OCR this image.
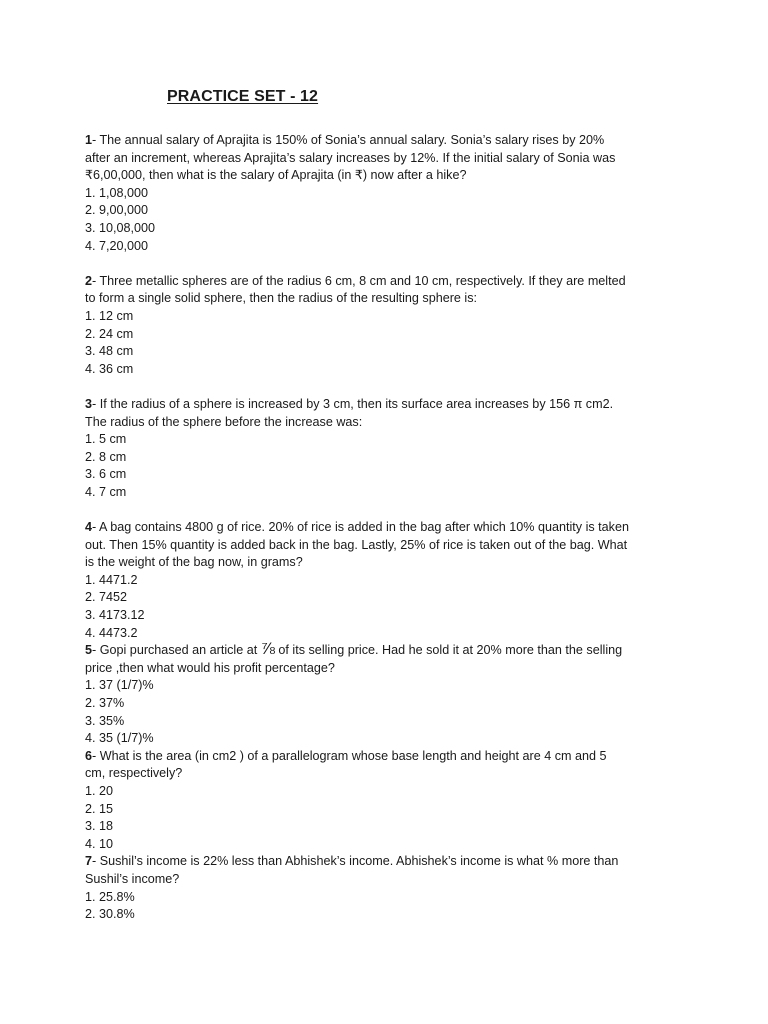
PRACTICE SET - 12
1- The annual salary of Aprajita is 150% of Sonia’s annual salary. Sonia’s salary rises by 20% after an increment, whereas Aprajita’s salary increases by 12%. If the initial salary of Sonia was ₹6,00,000, then what is the salary of Aprajita (in ₹) now after a hike?
1. 1,08,000
2. 9,00,000
3. 10,08,000
4. 7,20,000
2- Three metallic spheres are of the radius 6 cm, 8 cm and 10 cm, respectively. If they are melted to form a single solid sphere, then the radius of the resulting sphere is:
1. 12 cm
2. 24 cm
3. 48 cm
4. 36 cm
3- If the radius of a sphere is increased by 3 cm, then its surface area increases by 156 π cm2. The radius of the sphere before the increase was:
1. 5 cm
2. 8 cm
3. 6 cm
4. 7 cm
4- A bag contains 4800 g of rice. 20% of rice is added in the bag after which 10% quantity is taken out. Then 15% quantity is added back in the bag. Lastly, 25% of rice is taken out of the bag. What is the weight of the bag now, in grams?
1. 4471.2
2. 7452
3. 4173.12
4. 4473.2
5- Gopi purchased an article at ⅞ of its selling price. Had he sold it at 20% more than the selling price ,then what would his profit percentage?
1. 37 (1/7)%
2. 37%
3. 35%
4. 35 (1/7)%
6- What is the area (in cm2 ) of a parallelogram whose base length and height are 4 cm and 5 cm, respectively?
1. 20
2. 15
3. 18
4. 10
7- Sushil’s income is 22% less than Abhishek’s income. Abhishek’s income is what % more than Sushil’s income?
1. 25.8%
2. 30.8%
